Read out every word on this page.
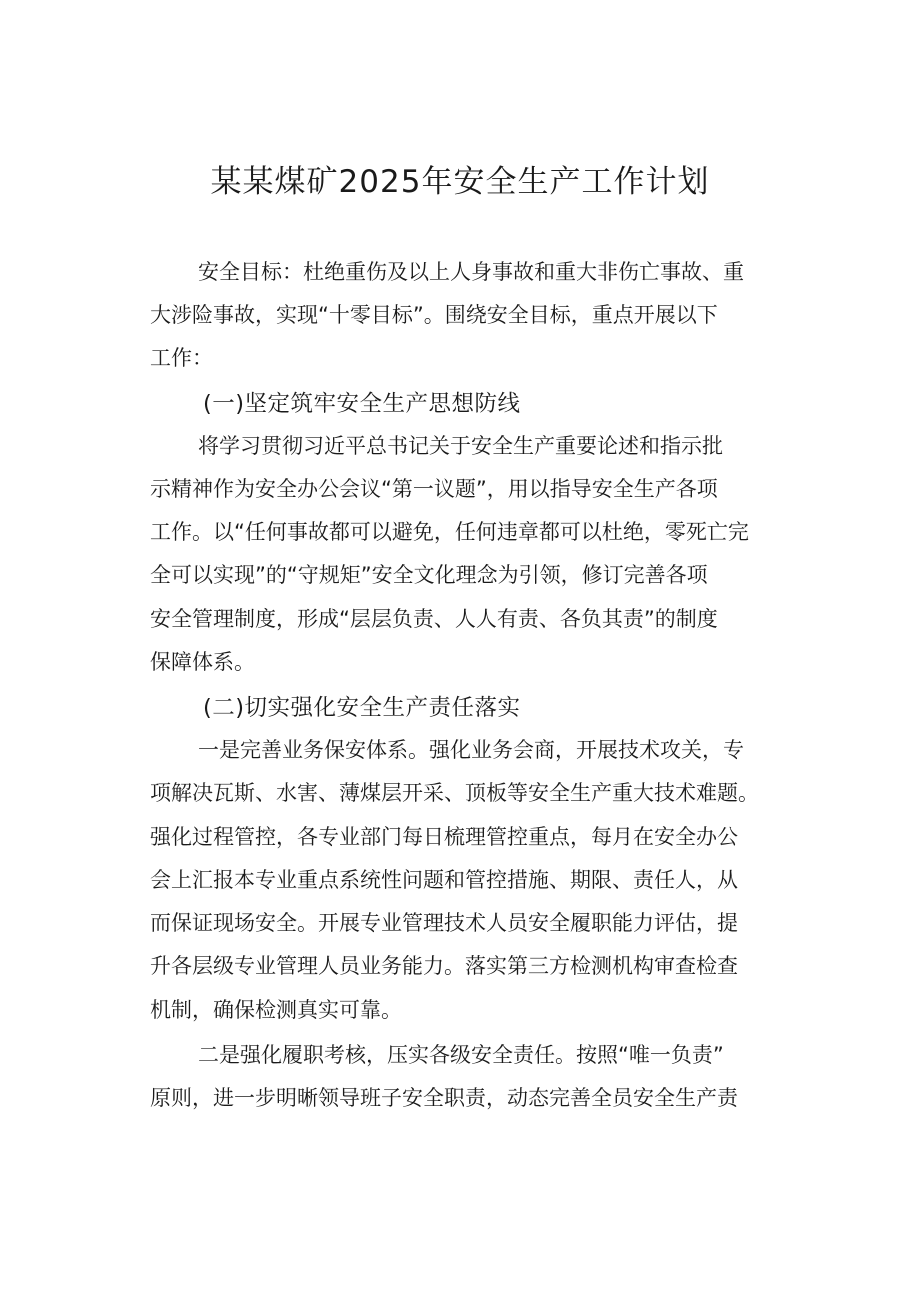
某某煤矿2025年安全生产工作计划
安全目标：杜绝重伤及以上人身事故和重大非伤亡事故、重
大涉险事故，实现“十零目标”。围绕安全目标，重点开展以下
工作：
(一)坚定筑牢安全生产思想防线
将学习贯彻习近平总书记关于安全生产重要论述和指示批
示精神作为安全办公会议“第一议题”，用以指导安全生产各项
工作。以“任何事故都可以避免，任何违章都可以杜绝，零死亡完
全可以实现”的“守规矩”安全文化理念为引领，修订完善各项
安全管理制度，形成“层层负责、人人有责、各负其责”的制度
保障体系。
(二)切实强化安全生产责任落实
一是完善业务保安体系。强化业务会商，开展技术攻关，专
项解决瓦斯、水害、薄煤层开采、顶板等安全生产重大技术难题。
强化过程管控，各专业部门每日梳理管控重点，每月在安全办公
会上汇报本专业重点系统性问题和管控措施、期限、责任人，从
而保证现场安全。开展专业管理技术人员安全履职能力评估，提
升各层级专业管理人员业务能力。落实第三方检测机构审查检查
机制，确保检测真实可靠。
二是强化履职考核，压实各级安全责任。按照“唯一负责”
原则，进一步明晰领导班子安全职责，动态完善全员安全生产责
